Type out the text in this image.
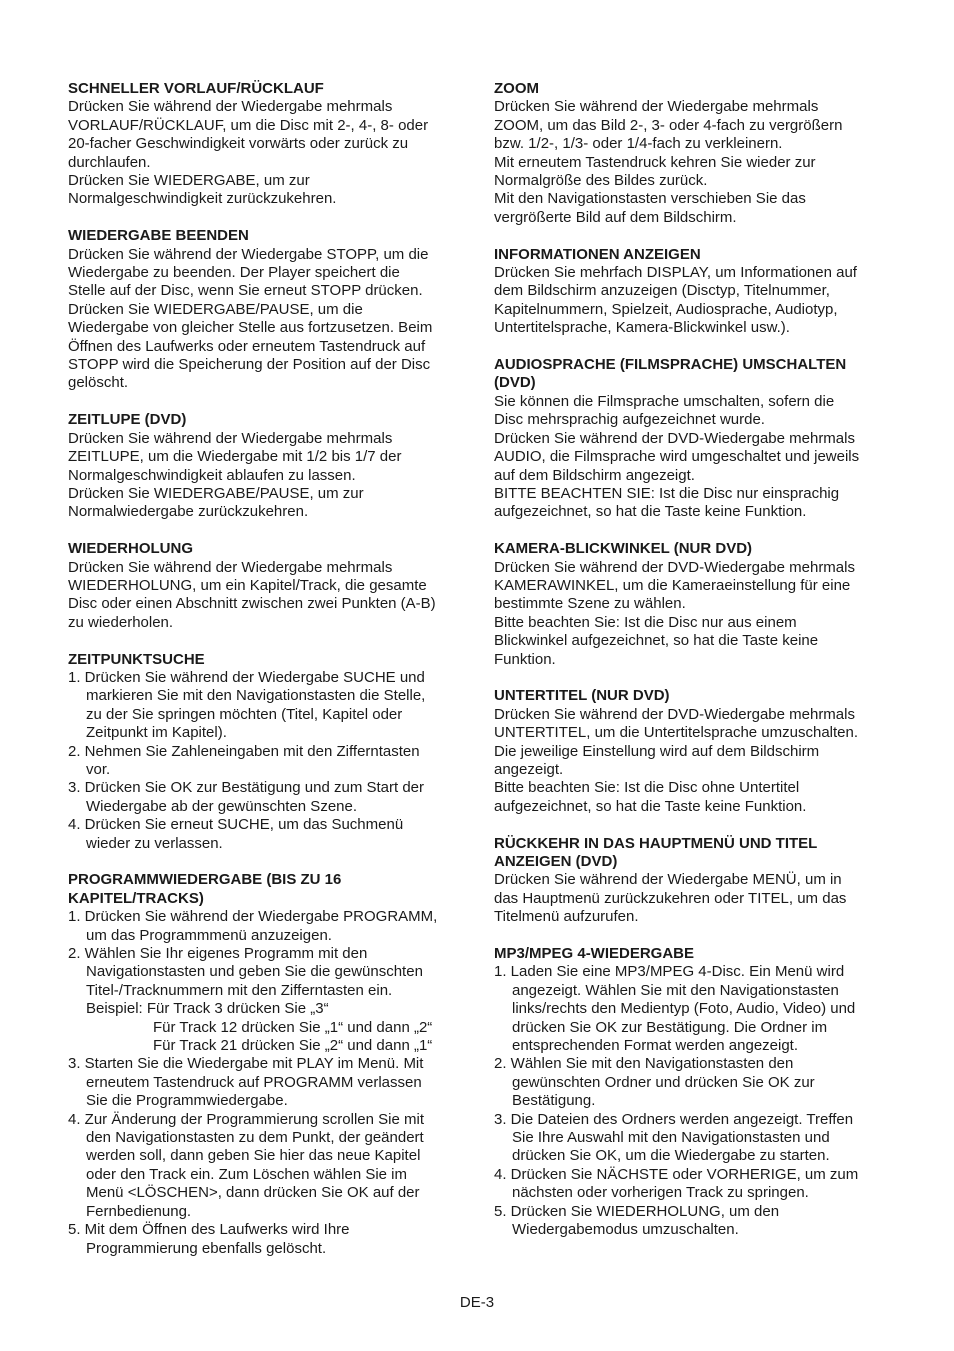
SCHNELLER VORLAUF/RÜCKLAUF
Drücken Sie während der Wiedergabe mehrmals
VORLAUF/RÜCKLAUF, um die Disc mit 2-, 4-, 8- oder
20-facher Geschwindigkeit vorwärts oder zurück zu
durchlaufen.
Drücken Sie WIEDERGABE, um zur
Normalgeschwindigkeit zurückzukehren.
WIEDERGABE BEENDEN
Drücken Sie während der Wiedergabe STOPP, um die
Wiedergabe zu beenden. Der Player speichert die
Stelle auf der Disc, wenn Sie erneut STOPP drücken.
Drücken Sie WIEDERGABE/PAUSE, um die
Wiedergabe von gleicher Stelle aus fortzusetzen. Beim
Öffnen des Laufwerks oder erneutem Tastendruck auf
STOPP wird die Speicherung der Position auf der Disc
gelöscht.
ZEITLUPE (DVD)
Drücken Sie während der Wiedergabe mehrmals
ZEITLUPE, um die Wiedergabe mit 1/2 bis 1/7 der
Normalgeschwindigkeit ablaufen zu lassen.
Drücken Sie WIEDERGABE/PAUSE, um zur
Normalwiedergabe zurückzukehren.
WIEDERHOLUNG
Drücken Sie während der Wiedergabe mehrmals
WIEDERHOLUNG, um ein Kapitel/Track, die gesamte
Disc oder einen Abschnitt zwischen zwei Punkten (A-B)
zu wiederholen.
ZEITPUNKTSUCHE
1. Drücken Sie während der Wiedergabe SUCHE und
markieren Sie mit den Navigationstasten die Stelle,
zu der Sie springen möchten (Titel, Kapitel oder
Zeitpunkt im Kapitel).
2. Nehmen Sie Zahleneingaben mit den Zifferntasten
vor.
3. Drücken Sie OK zur Bestätigung und zum Start der
Wiedergabe ab der gewünschten Szene.
4. Drücken Sie erneut SUCHE, um das Suchmenü
wieder zu verlassen.
PROGRAMMWIEDERGABE (BIS ZU 16
KAPITEL/TRACKS)
1. Drücken Sie während der Wiedergabe PROGRAMM,
um das Programmmenü anzuzeigen.
2. Wählen Sie Ihr eigenes Programm mit den
Navigationstasten und geben Sie die gewünschten
Titel-/Tracknummern mit den Zifferntasten ein.
Beispiel: Für Track 3 drücken Sie „3“
Für Track 12 drücken Sie „1“ und dann „2“
Für Track 21 drücken Sie „2“ und dann „1“
3. Starten Sie die Wiedergabe mit PLAY im Menü. Mit
erneutem Tastendruck auf PROGRAMM verlassen
Sie die Programmwiedergabe.
4. Zur Änderung der Programmierung scrollen Sie mit
den Navigationstasten zu dem Punkt, der geändert
werden soll, dann geben Sie hier das neue Kapitel
oder den Track ein. Zum Löschen wählen Sie im
Menü <LÖSCHEN>, dann drücken Sie OK auf der
Fernbedienung.
5. Mit dem Öffnen des Laufwerks wird Ihre
Programmierung ebenfalls gelöscht.
ZOOM
Drücken Sie während der Wiedergabe mehrmals
ZOOM, um das Bild 2-, 3- oder 4-fach zu vergrößern
bzw. 1/2-, 1/3- oder 1/4-fach zu verkleinern.
Mit erneutem Tastendruck kehren Sie wieder zur
Normalgröße des Bildes zurück.
Mit den Navigationstasten verschieben Sie das
vergrößerte Bild auf dem Bildschirm.
INFORMATIONEN ANZEIGEN
Drücken Sie mehrfach DISPLAY, um Informationen auf
dem Bildschirm anzuzeigen (Disctyp, Titelnummer,
Kapitelnummern, Spielzeit, Audiosprache, Audiotyp,
Untertitelsprache, Kamera-Blickwinkel usw.).
AUDIOSPRACHE (FILMSPRACHE) UMSCHALTEN
(DVD)
Sie können die Filmsprache umschalten, sofern die
Disc mehrsprachig aufgezeichnet wurde.
Drücken Sie während der DVD-Wiedergabe mehrmals
AUDIO, die Filmsprache wird umgeschaltet und jeweils
auf dem Bildschirm angezeigt.
BITTE BEACHTEN SIE: Ist die Disc nur einsprachig
aufgezeichnet, so hat die Taste keine Funktion.
KAMERA-BLICKWINKEL (NUR DVD)
Drücken Sie während der DVD-Wiedergabe mehrmals
KAMERAWINKEL, um die Kameraeinstellung für eine
bestimmte Szene zu wählen.
Bitte beachten Sie: Ist die Disc nur aus einem
Blickwinkel aufgezeichnet, so hat die Taste keine
Funktion.
UNTERTITEL (NUR DVD)
Drücken Sie während der DVD-Wiedergabe mehrmals
UNTERTITEL, um die Untertitelsprache umzuschalten.
Die jeweilige Einstellung wird auf dem Bildschirm
angezeigt.
Bitte beachten Sie: Ist die Disc ohne Untertitel
aufgezeichnet, so hat die Taste keine Funktion.
RÜCKKEHR IN DAS HAUPTMENÜ UND TITEL
ANZEIGEN (DVD)
Drücken Sie während der Wiedergabe MENÜ, um in
das Hauptmenü zurückzukehren oder TITEL, um das
Titelmenü aufzurufen.
MP3/MPEG 4-WIEDERGABE
1. Laden Sie eine MP3/MPEG 4-Disc. Ein Menü wird
angezeigt. Wählen Sie mit den Navigationstasten
links/rechts den Medientyp (Foto, Audio, Video) und
drücken Sie OK zur Bestätigung. Die Ordner im
entsprechenden Format werden angezeigt.
2. Wählen Sie mit den Navigationstasten den
gewünschten Ordner und drücken Sie OK zur
Bestätigung.
3. Die Dateien des Ordners werden angezeigt. Treffen
Sie Ihre Auswahl mit den Navigationstasten und
drücken Sie OK, um die Wiedergabe zu starten.
4. Drücken Sie NÄCHSTE oder VORHERIGE, um zum
nächsten oder vorherigen Track zu springen.
5. Drücken Sie WIEDERHOLUNG, um den
Wiedergabemodus umzuschalten.
DE-3
